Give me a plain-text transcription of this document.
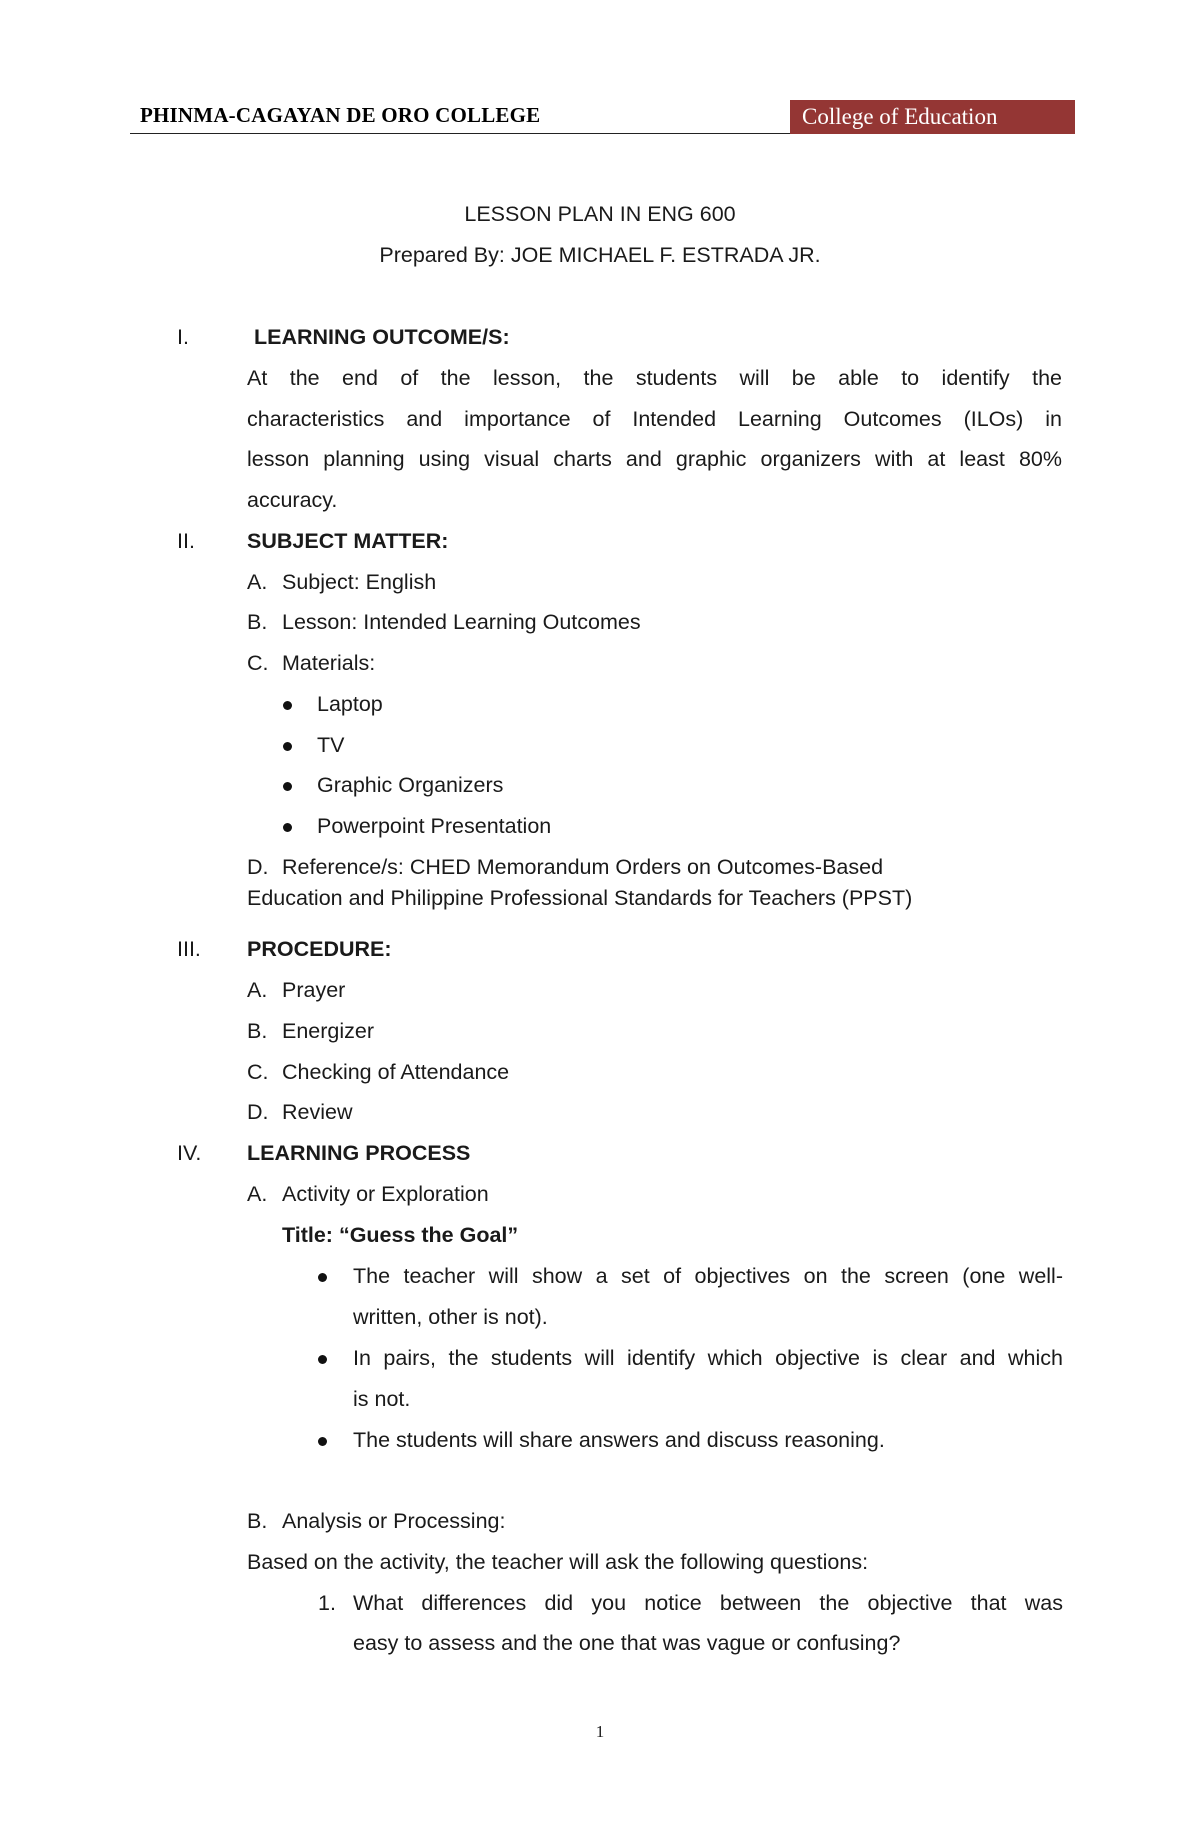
PHINMA-CAGAYAN DE ORO COLLEGE	College of Education
LESSON PLAN IN ENG 600
Prepared By: JOE MICHAEL F. ESTRADA JR.
I.	LEARNING OUTCOME/S:
At the end of the lesson, the students will be able to identify the
characteristics and importance of Intended Learning Outcomes (ILOs) in
lesson planning using visual charts and graphic organizers with at least 80%
accuracy.
II. SUBJECT MATTER:
A. Subject: English
B. Lesson: Intended Learning Outcomes
C. Materials:
Laptop
TV
Graphic Organizers
Powerpoint Presentation
D. Reference/s: CHED Memorandum Orders on Outcomes-Based
Education and Philippine Professional Standards for Teachers (PPST)
III. PROCEDURE:
A. Prayer
B. Energizer
C. Checking of Attendance
D. Review
IV. LEARNING PROCESS
A. Activity or Exploration
Title: “Guess the Goal”
The teacher will show a set of objectives on the screen (one well-
written, other is not).
In pairs, the students will identify which objective is clear and which
is not.
The students will share answers and discuss reasoning.
B. Analysis or Processing:
Based on the activity, the teacher will ask the following questions:
1. What differences did you notice between the objective that was
easy to assess and the one that was vague or confusing?
1
